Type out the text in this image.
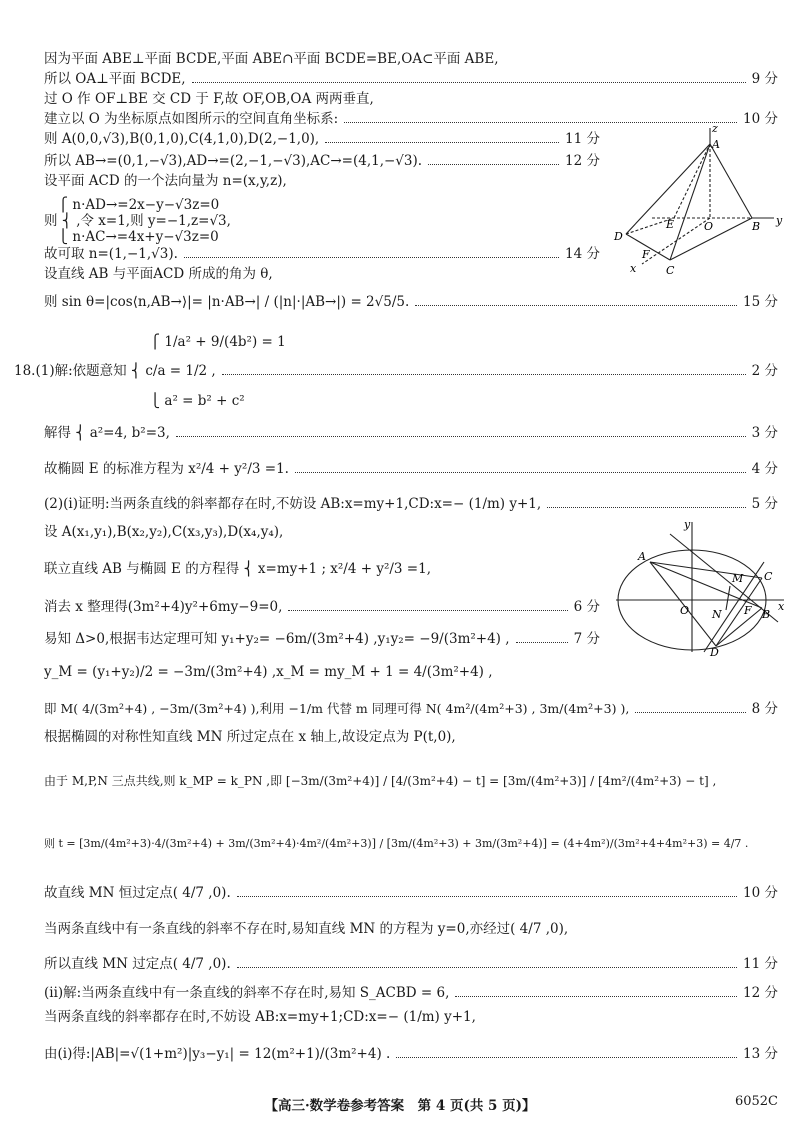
因为平面 ABE⊥平面 BCDE,平面 ABE∩平面 BCDE=BE,OA⊂平面 ABE,
所以 OA⊥平面 BCDE,	9 分
过 O 作 OF⊥BE 交 CD 于 F,故 OF,OB,OA 两两垂直,
建立以 O 为坐标原点如图所示的空间直角坐标系:	10 分
则 A(0,0,√3),B(0,1,0),C(4,1,0),D(2,−1,0),	11 分
所以 AB→=(0,1,−√3),AD→=(2,−1,−√3),AC→=(4,1,−√3).	12 分
设平面 ACD 的一个法向量为 n=(x,y,z),
⎧ n·AD→=2x−y−√3z=0
则 ⎨ ,令 x=1,则 y=−1,z=√3,
⎩ n·AC→=4x+y−√3z=0
故可取 n=(1,−1,√3).	14 分
设直线 AB 与平面ACD 所成的角为 θ,
则 sin θ=|cos⟨n,AB→⟩|= |n·AB→| / (|n|·|AB→|) = 2√5/5.	15 分
⎧ 1/a² + 9/(4b²) = 1
18.(1)解:依题意知 ⎨ c/a = 1/2 ,	2 分
⎩ a² = b² + c²
解得 ⎨ a²=4, b²=3,	3 分
故椭圆 E 的标准方程为 x²/4 + y²/3 =1.	4 分
(2)(i)证明:当两条直线的斜率都存在时,不妨设 AB:x=my+1,CD:x=− (1/m) y+1,	5 分
设 A(x₁,y₁),B(x₂,y₂),C(x₃,y₃),D(x₄,y₄),
联立直线 AB 与椭圆 E 的方程得 ⎨ x=my+1 ; x²/4 + y²/3 =1,
消去 x 整理得(3m²+4)y²+6my−9=0,	6 分
易知 Δ>0,根据韦达定理可知 y₁+y₂= −6m/(3m²+4) ,y₁y₂= −9/(3m²+4) ,	7 分
y_M = (y₁+y₂)/2 = −3m/(3m²+4) ,x_M = my_M + 1 = 4/(3m²+4) ,
即 M( 4/(3m²+4) , −3m/(3m²+4) ),利用 −1/m 代替 m 同理可得 N( 4m²/(4m²+3) , 3m/(4m²+3) ),	8 分
根据椭圆的对称性知直线 MN 所过定点在 x 轴上,故设定点为 P(t,0),
由于 M,P,N 三点共线,则 k_MP = k_PN ,即 [−3m/(3m²+4)] / [4/(3m²+4) − t] = [3m/(4m²+3)] / [4m²/(4m²+3) − t] ,
则 t = [3m/(4m²+3)·4/(3m²+4) + 3m/(3m²+4)·4m²/(4m²+3)] / [3m/(4m²+3) + 3m/(3m²+4)] = (4+4m²)/(3m²+4+4m²+3) = 4/7 .
故直线 MN 恒过定点( 4/7 ,0).	10 分
当两条直线中有一条直线的斜率不存在时,易知直线 MN 的方程为 y=0,亦经过( 4/7 ,0),
所以直线 MN 过定点( 4/7 ,0).	11 分
(ii)解:当两条直线中有一条直线的斜率不存在时,易知 S_ACBD = 6,	12 分
当两条直线的斜率都存在时,不妨设 AB:x=my+1;CD:x=− (1/m) y+1,
由(i)得:|AB|=√(1+m²)|y₃−y₁| = 12(m²+1)/(3m²+4) .	13 分
A
B
C
D
E
F
O
x
y
z
A
B
C
D
M
N
O	F x
y
【高三·数学卷参考答案　第 4 页(共 5 页)】	6052C
